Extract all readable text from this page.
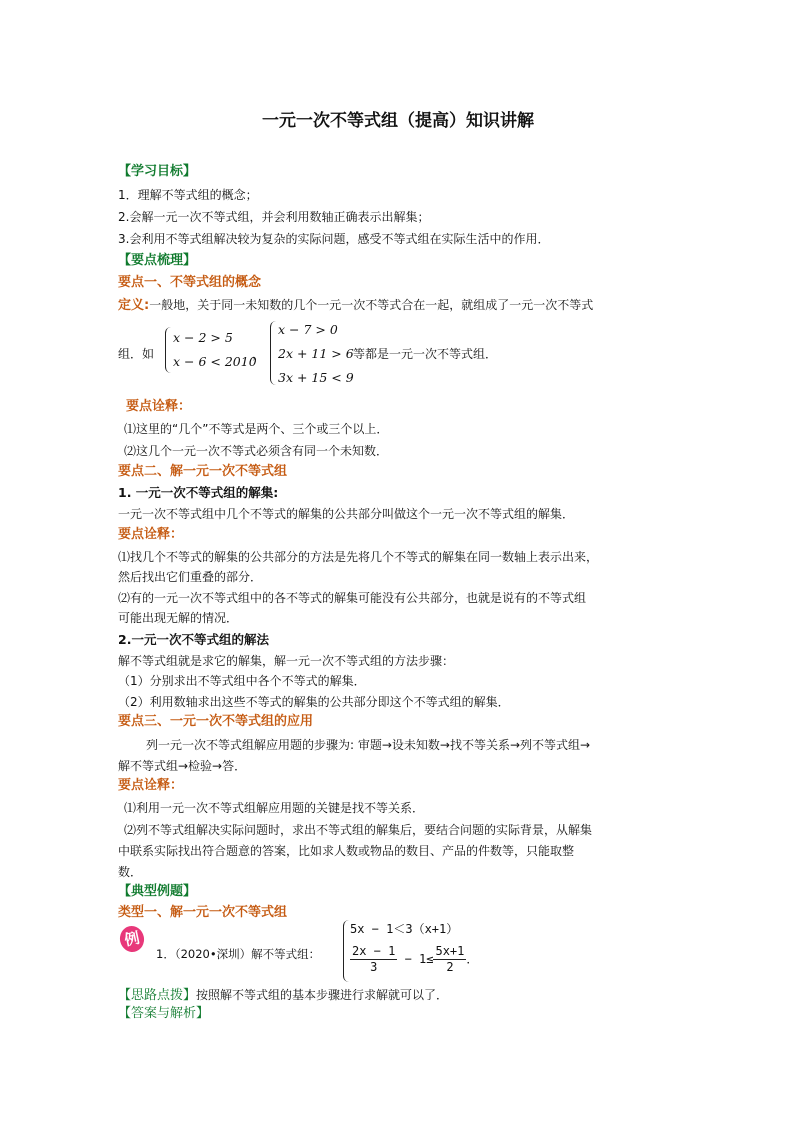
一元一次不等式组（提高）知识讲解
【学习目标】
1．理解不等式组的概念；
2.会解一元一次不等式组，并会利用数轴正确表示出解集；
3.会利用不等式组解决较为复杂的实际问题，感受不等式组在实际生活中的作用．
【要点梳理】
要点一、不等式组的概念
定义:一般地，关于同一未知数的几个一元一次不等式合在一起，就组成了一元一次不等式
组．如
x − 2 > 5
x − 6 < 2010
，
x − 7 > 0
2x + 11 > 6
3x + 15 < 9
等都是一元一次不等式组．
要点诠释：
⑴这里的“几个”不等式是两个、三个或三个以上．
⑵这几个一元一次不等式必须含有同一个未知数．
要点二、解一元一次不等式组
1. 一元一次不等式组的解集:
一元一次不等式组中几个不等式的解集的公共部分叫做这个一元一次不等式组的解集．
要点诠释：
⑴找几个不等式的解集的公共部分的方法是先将几个不等式的解集在同一数轴上表示出来，
然后找出它们重叠的部分．
⑵有的一元一次不等式组中的各不等式的解集可能没有公共部分，也就是说有的不等式组
可能出现无解的情况．
2.一元一次不等式组的解法
解不等式组就是求它的解集，解一元一次不等式组的方法步骤：
（1）分别求出不等式组中各个不等式的解集．
（2）利用数轴求出这些不等式的解集的公共部分即这个不等式组的解集．
要点三、一元一次不等式组的应用
列一元一次不等式组解应用题的步骤为: 审题→设未知数→找不等关系→列不等式组→
解不等式组→检验→答．
要点诠释：
⑴利用一元一次不等式组解应用题的关键是找不等关系．
⑵列不等式组解决实际问题时，求出不等式组的解集后，要结合问题的实际背景，从解集
中联系实际找出符合题意的答案，比如求人数或物品的数目、产品的件数等，只能取整
数．
【典型例题】
类型一、解一元一次不等式组
例
1．（2020•深圳）解不等式组：
5x − 1＜3（x+1）
$\frac{2x - 1}{3} - 1\le \frac{5x+1}{2}$ ．
【思路点拨】按照解不等式组的基本步骤进行求解就可以了．
【答案与解析】
